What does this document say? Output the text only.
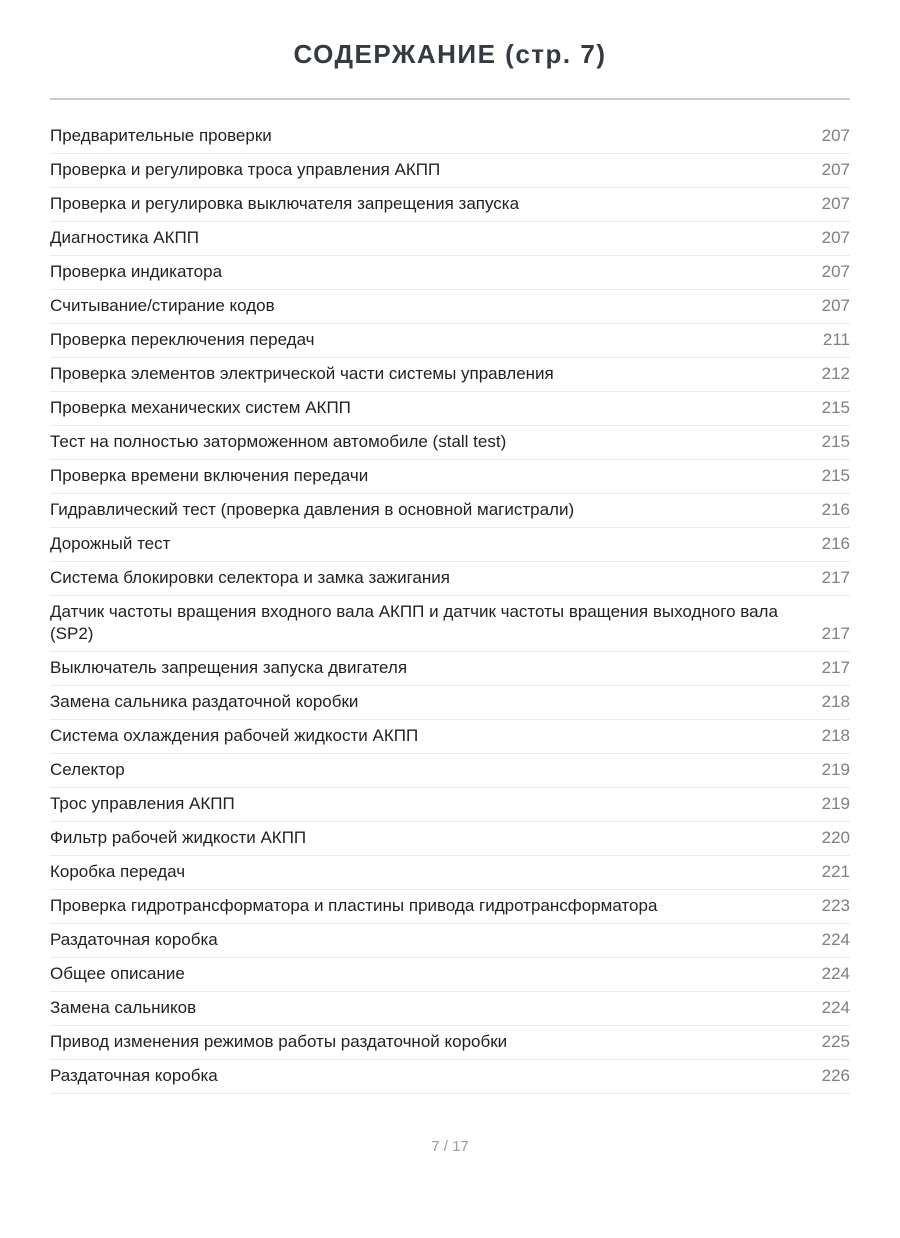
СОДЕРЖАНИЕ (стр. 7)
Предварительные проверки	207
Проверка и регулировка троса управления АКПП	207
Проверка и регулировка выключателя запрещения запуска	207
Диагностика АКПП	207
Проверка индикатора	207
Считывание/стирание кодов	207
Проверка переключения передач	211
Проверка элементов электрической части системы управления	212
Проверка механических систем АКПП	215
Тест на полностью заторможенном автомобиле (stall test)	215
Проверка времени включения передачи	215
Гидравлический тест (проверка давления в основной магистрали)	216
Дорожный тест	216
Система блокировки селектора и замка зажигания	217
Датчик частоты вращения входного вала АКПП и датчик частоты вращения выходного вала (SP2)	217
Выключатель запрещения запуска двигателя	217
Замена сальника раздаточной коробки	218
Система охлаждения рабочей жидкости АКПП	218
Селектор	219
Трос управления АКПП	219
Фильтр рабочей жидкости АКПП	220
Коробка передач	221
Проверка гидротрансформатора и пластины привода гидротрансформатора	223
Раздаточная коробка	224
Общее описание	224
Замена сальников	224
Привод изменения режимов работы раздаточной коробки	225
Раздаточная коробка	226
7 / 17
